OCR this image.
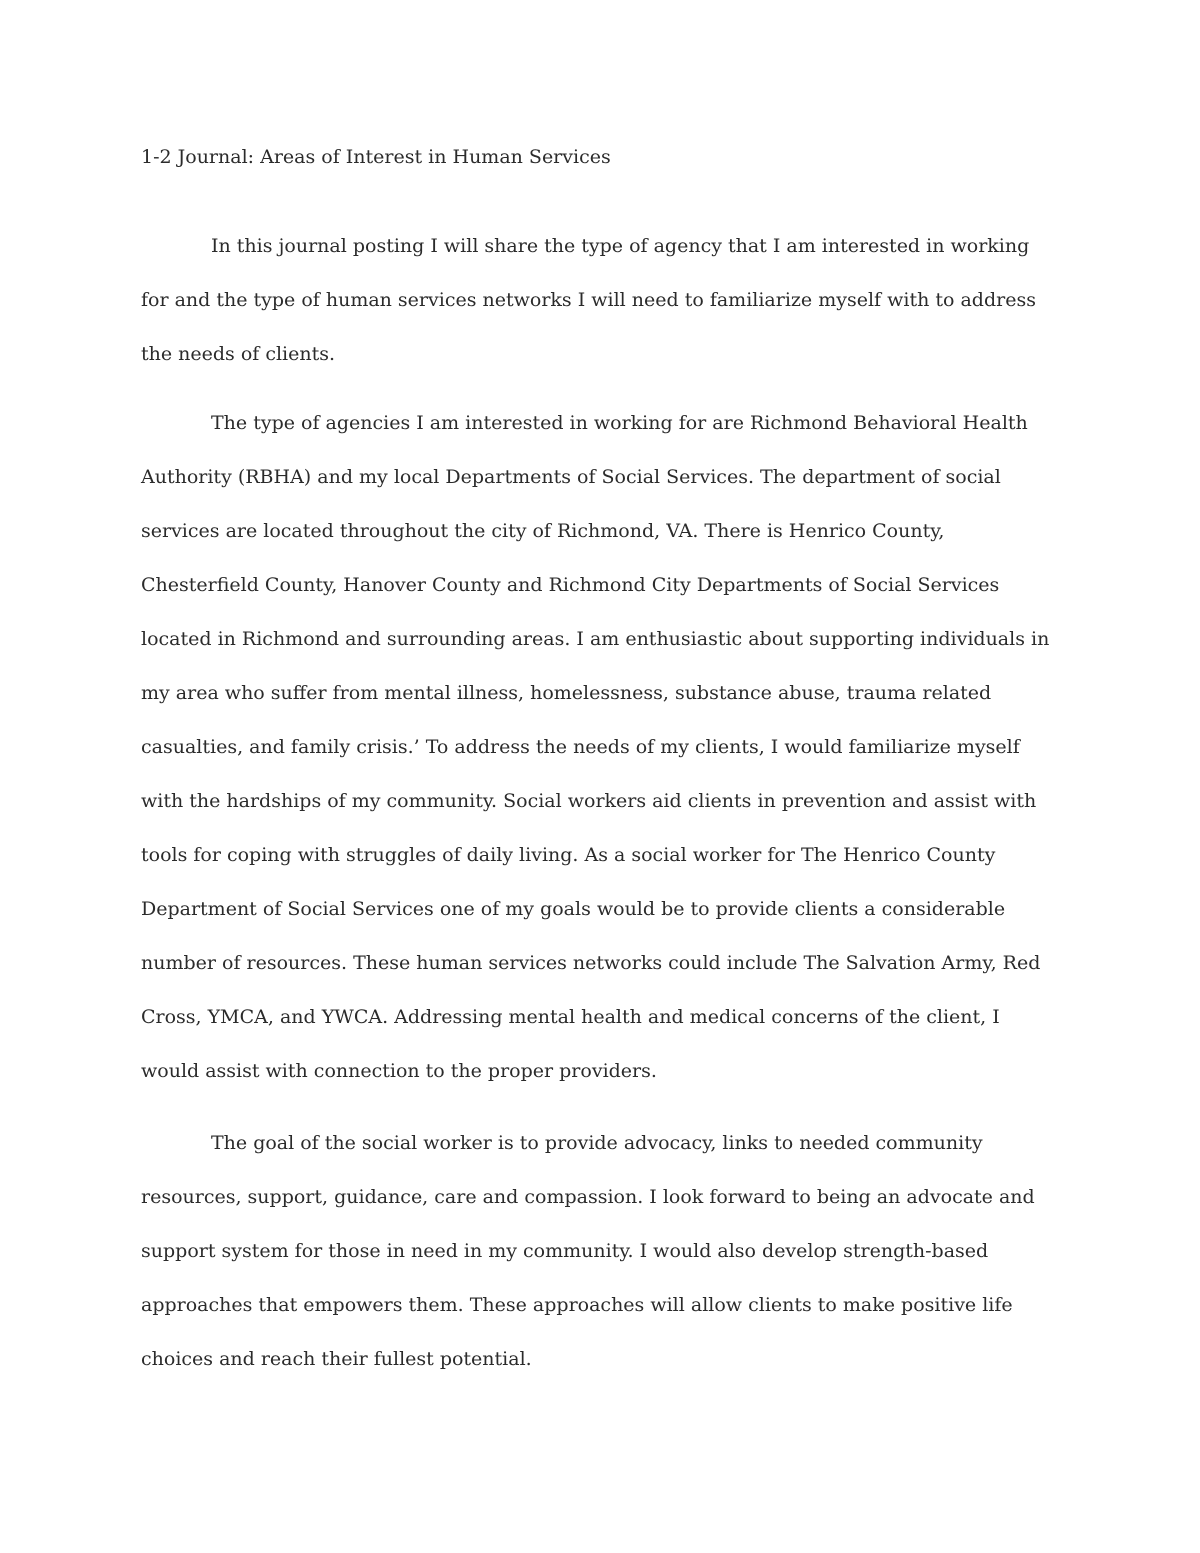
1-2 Journal: Areas of Interest in Human Services

In this journal posting I will share the type of agency that I am interested in working for and the type of human services networks I will need to familiarize myself with to address the needs of clients.

The type of agencies I am interested in working for are Richmond Behavioral Health Authority (RBHA) and my local Departments of Social Services. The department of social services are located throughout the city of Richmond, VA. There is Henrico County, Chesterfield County, Hanover County and Richmond City Departments of Social Services located in Richmond and surrounding areas. I am enthusiastic about supporting individuals in my area who suffer from mental illness, homelessness, substance abuse, trauma related casualties, and family crisis.’ To address the needs of my clients, I would familiarize myself with the hardships of my community. Social workers aid clients in prevention and assist with tools for coping with struggles of daily living. As a social worker for The Henrico County Department of Social Services one of my goals would be to provide clients a considerable number of resources. These human services networks could include The Salvation Army, Red Cross, YMCA, and YWCA. Addressing mental health and medical concerns of the client, I would assist with connection to the proper providers.

The goal of the social worker is to provide advocacy, links to needed community resources, support, guidance, care and compassion. I look forward to being an advocate and support system for those in need in my community. I would also develop strength-based approaches that empowers them. These approaches will allow clients to make positive life choices and reach their fullest potential.
